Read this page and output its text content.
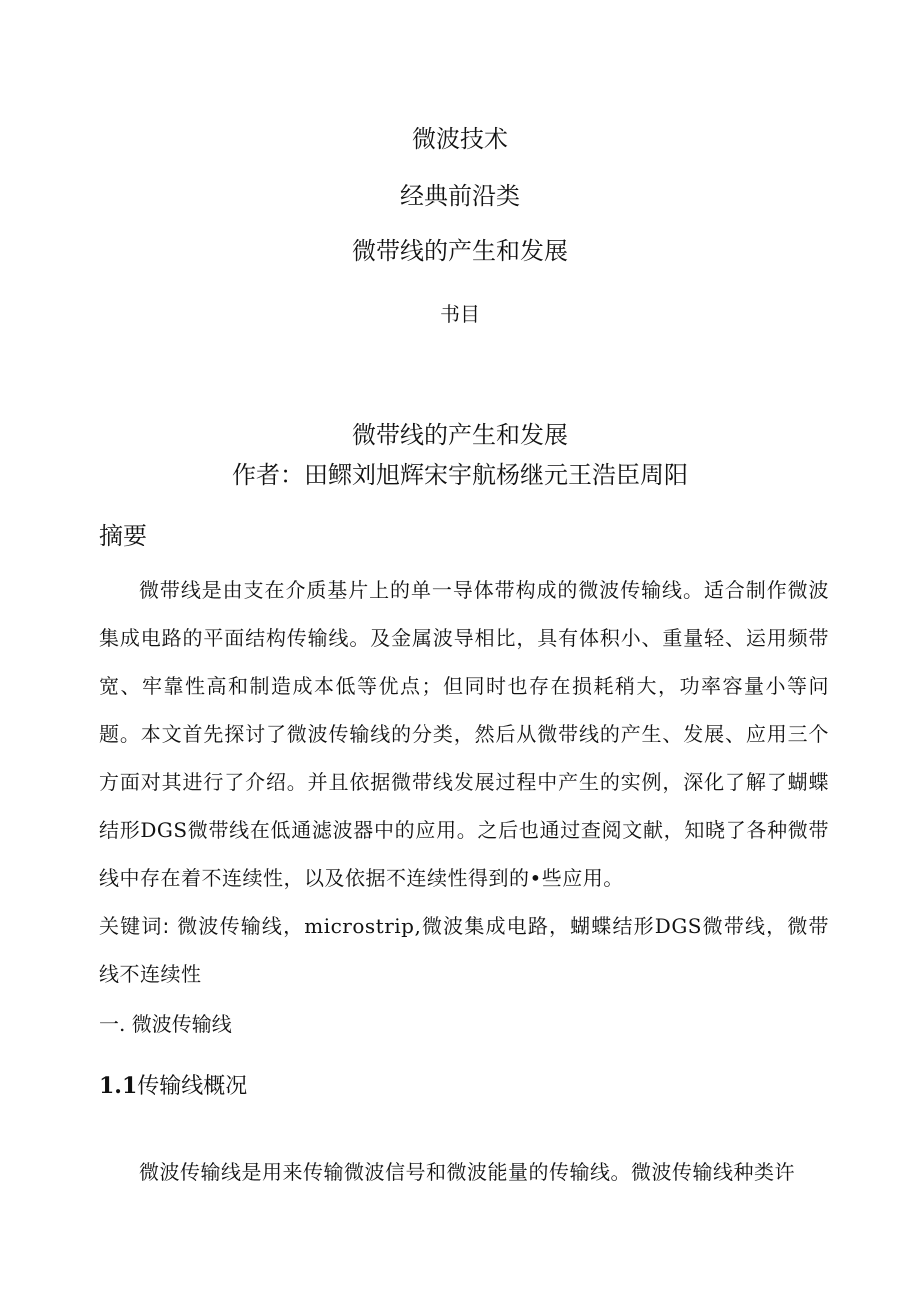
微波技术
经典前沿类
微带线的产生和发展
书目
微带线的产生和发展
作者：田鳏刘旭辉宋宇航杨继元王浩臣周阳
摘要

微带线是由支在介质基片上的单一导体带构成的微波传输线。适合制作微波集成电路的平面结构传输线。及金属波导相比，具有体积小、重量轻、运用频带宽、牢靠性高和制造成本低等优点；但同时也存在损耗稍大，功率容量小等问题。本文首先探讨了微波传输线的分类，然后从微带线的产生、发展、应用三个方面对其进行了介绍。并且依据微带线发展过程中产生的实例，深化了解了蝴蝶结形DGS微带线在低通滤波器中的应用。之后也通过查阅文献，知晓了各种微带线中存在着不连续性，以及依据不连续性得到的•些应用。

关键词: 微波传输线，microstrip,微波集成电路，蝴蝶结形DGS微带线，微带线不连续性

一. 微波传输线
1.1传输线概况

微波传输线是用来传输微波信号和微波能量的传输线。微波传输线种类许
